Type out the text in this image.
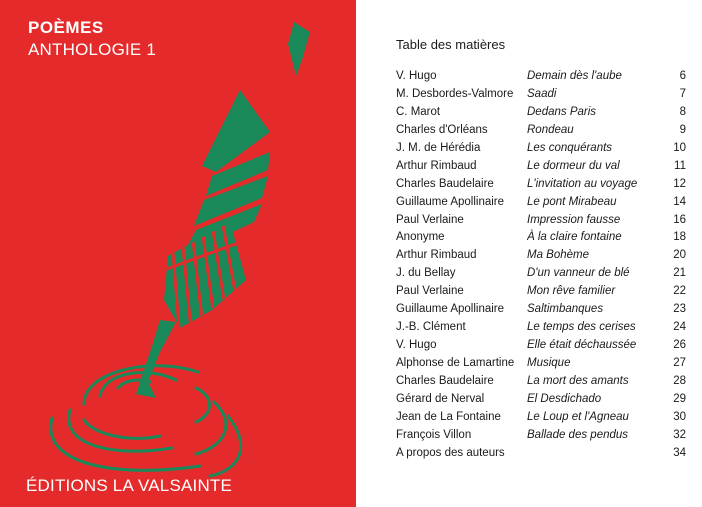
POÈMES
ANTHOLOGIE 1
ÉDITIONS LA VALSAINTE
Table des matières
V. Hugo	Demain dès l'aube	6
M. Desbordes-Valmore	Saadi	7
C. Marot	Dedans Paris	8
Charles d'Orléans	Rondeau	9
J. M. de Hérédia	Les conquérants	10
Arthur Rimbaud	Le dormeur du val	11
Charles Baudelaire	L'invitation au voyage	12
Guillaume Apollinaire	Le pont Mirabeau	14
Paul Verlaine	Impression fausse	16
Anonyme	À la claire fontaine	18
Arthur Rimbaud	Ma Bohème	20
J. du Bellay	D'un vanneur de blé	21
Paul Verlaine	Mon rêve familier	22
Guillaume Apollinaire	Saltimbanques	23
J.-B. Clément	Le temps des cerises	24
V. Hugo	Elle était déchaussée	26
Alphonse de Lamartine	Musique	27
Charles Baudelaire	La mort des amants	28
Gérard de Nerval	El Desdichado	29
Jean de La Fontaine	Le Loup et l'Agneau	30
François Villon	Ballade des pendus	32
A propos des auteurs	34
